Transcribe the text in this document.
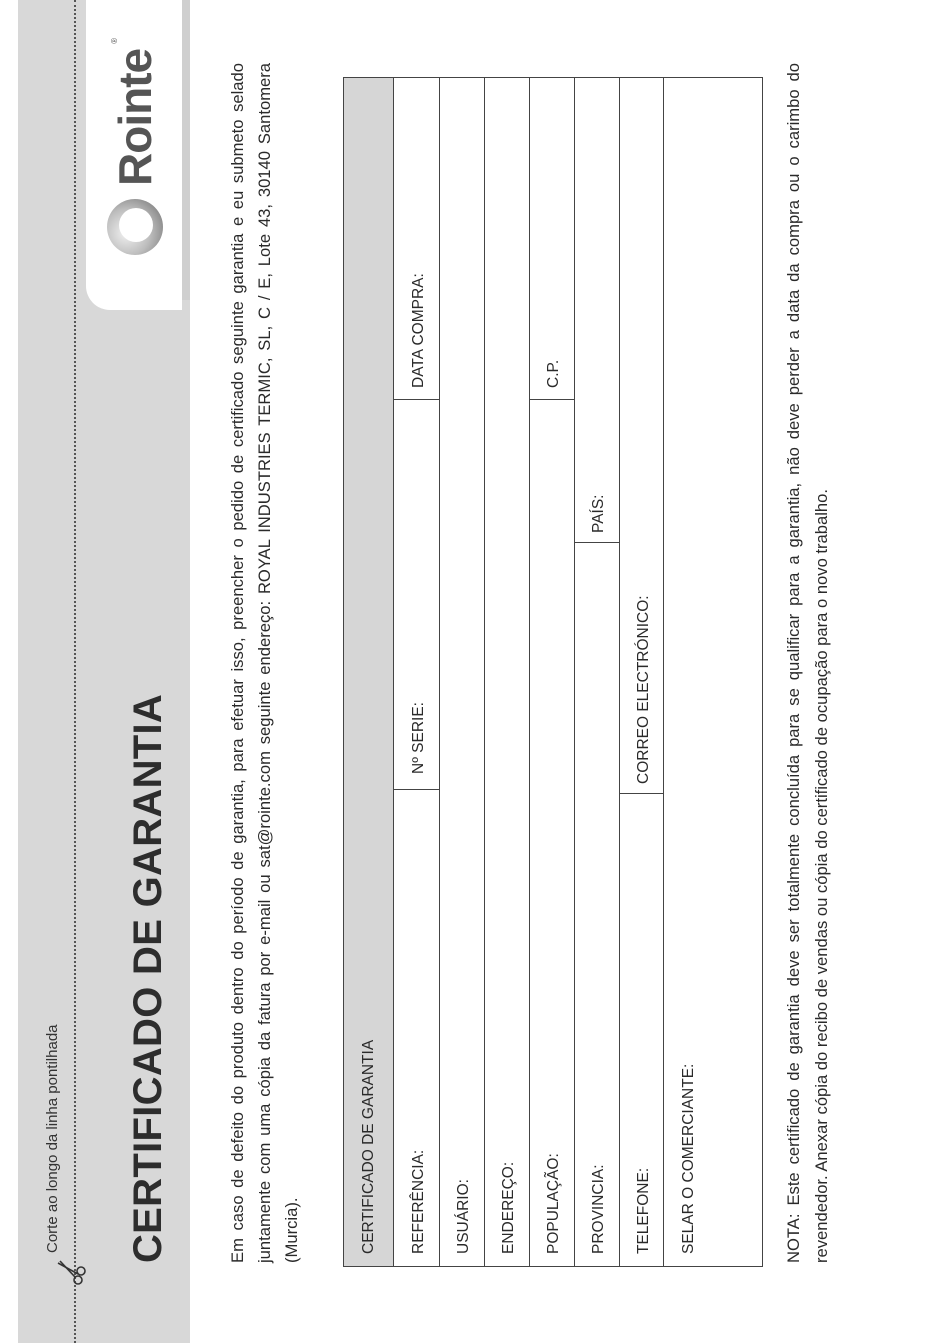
Corte ao longo da linha pontilhada CERTIFICADO DE GARANTIA
Rointe
®
Em caso de defeito do produto dentro do período de garantia, para efetuar isso, preencher o pedido de certificado seguinte garantia e eu submeto selado juntamente com uma cópia da fatura por e-mail ou sat@rointe.com seguinte endereço: ROYAL INDUSTRIES TERMIC, SL, C / E, Lote 43, 30140 Santomera (Murcia).	CERTIFICADO DE GARANTIA REFERÊNCIA:
Nº SERIE:
DATA COMPRA:
USUÁRIO: ENDEREÇO: POPULAÇÃO:
C.P.
PROVINCIA:
PAÍS:
TELEFONE:
CORREO ELECTRÓNICO:
SELAR O COMERCIANTE:	NOTA: Este certificado de garantia deve ser totalmente concluída para se qualificar para a garantia, não deve perder a data da compra ou o carimbo do revendedor. Anexar cópia do recibo de vendas ou cópia do certificado de ocupação para o novo trabalho.
